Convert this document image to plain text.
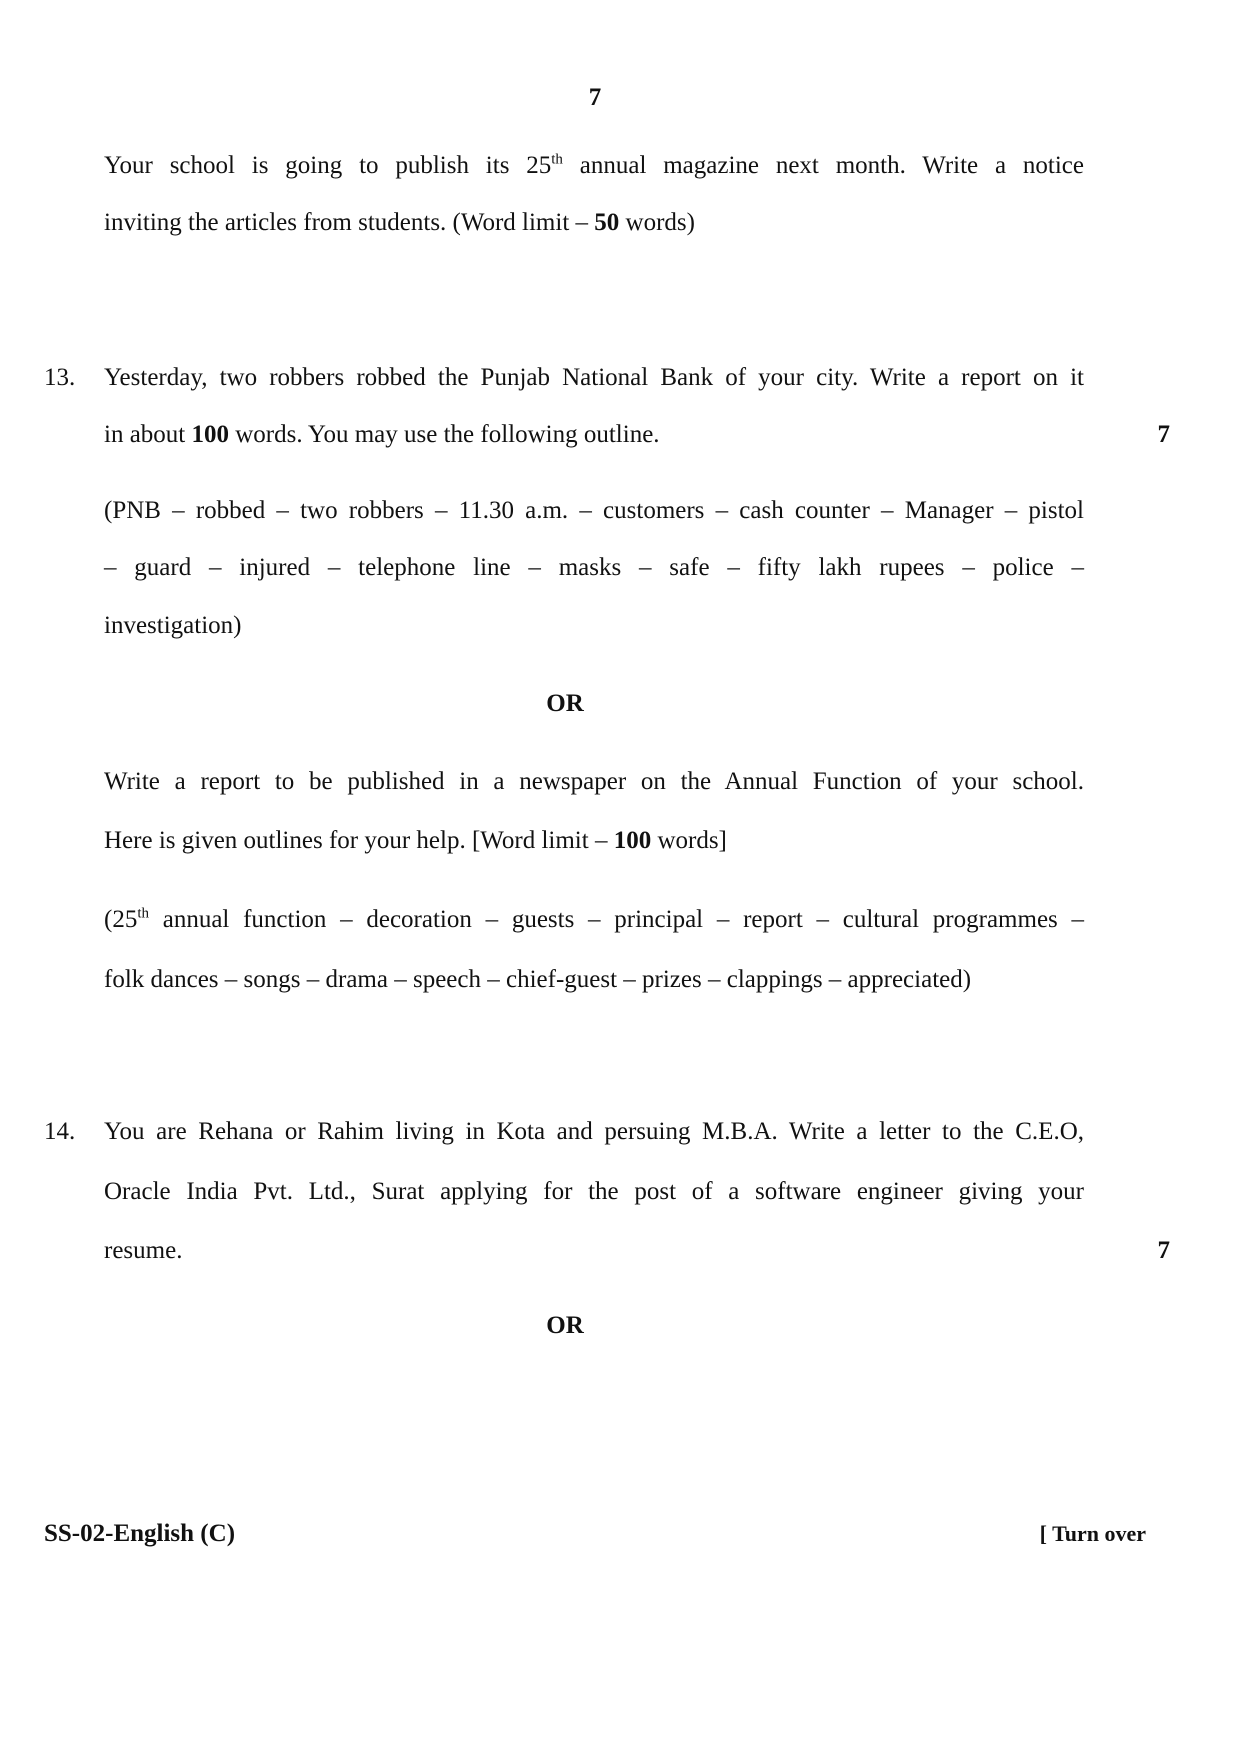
7
Your school is going to publish its 25th annual magazine next month. Write a notice
inviting the articles from students. (Word limit – 50 words)
13. Yesterday, two robbers robbed the Punjab National Bank of your city. Write a report on it
in about 100 words. You may use the following outline.	7
(PNB – robbed – two robbers – 11.30 a.m. – customers – cash counter – Manager – pistol
– guard – injured – telephone line – masks – safe – fifty lakh rupees – police –
investigation)
OR
Write a report to be published in a newspaper on the Annual Function of your school.
Here is given outlines for your help. [Word limit – 100 words]
(25th annual function – decoration – guests – principal – report – cultural programmes –
folk dances – songs – drama – speech – chief-guest – prizes – clappings – appreciated)
14. You are Rehana or Rahim living in Kota and persuing M.B.A. Write a letter to the C.E.O,
Oracle India Pvt. Ltd., Surat applying for the post of a software engineer giving your
resume.	7
OR
SS-02-English (C)	[ Turn over
